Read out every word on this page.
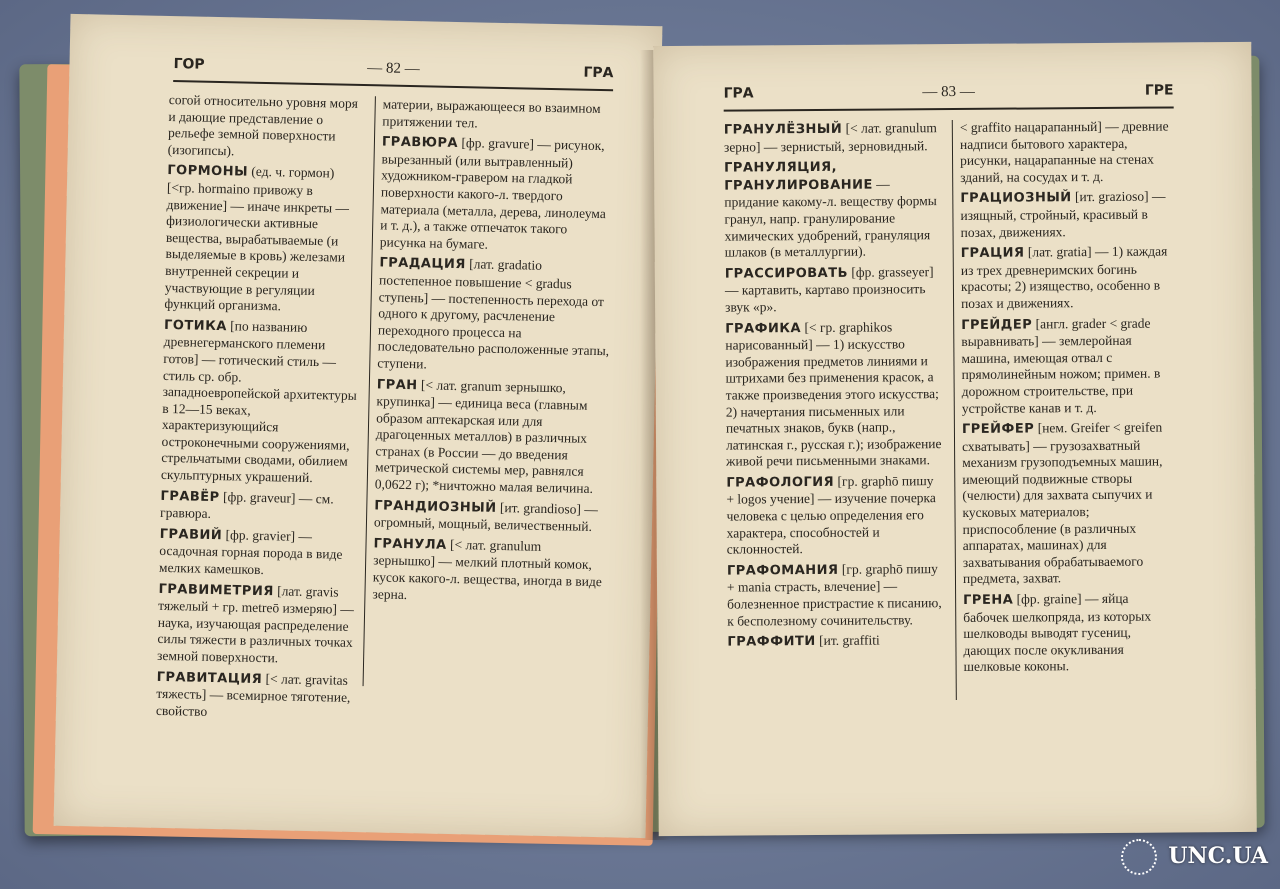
ГОР	— 82 —	ГРА

согой относительно уровня моря и дающие представление о рельефе земной поверхности (изогипсы).

ГОРМОНЫ (ед. ч. гормон) [<гр. hormaino привожу в движение] — иначе инкреты — физиологически активные вещества, вырабатываемые (и выделяемые в кровь) железами внутренней секреции и участвующие в регуляции функций организма.

ГОТИКА [по названию древнегерманского племени готов] — готический стиль — стиль ср. обр. западноевропейской архитектуры в 12—15 веках, характеризующийся остроконечными сооружениями, стрельчатыми сводами, обилием скульптурных украшений.

ГРАВЁР [фр. graveur] — см. гравюра.

ГРАВИЙ [фр. gravier] — осадочная горная порода в виде мелких камешков.

ГРАВИМЕТРИЯ [лат. gravis тяжелый + гр. metreō измеряю] — наука, изучающая распределение силы тяжести в различных точках земной поверхности.

ГРАВИТАЦИЯ [< лат. gravitas тяжесть] — всемирное тяготение, свойство

материи, выражающееся во взаимном притяжении тел.

ГРАВЮРА [фр. gravure] — рисунок, вырезанный (или вытравленный) художником-гравером на гладкой поверхности какого-л. твердого материала (металла, дерева, линолеума и т. д.), а также отпечаток такого рисунка на бумаге.

ГРАДАЦИЯ [лат. gradatio постепенное повышение < gradus ступень] — постепенность перехода от одного к другому, расчленение переходного процесса на последовательно расположенные этапы, ступени.

ГРАН [< лат. granum зернышко, крупинка] — единица веса (главным образом аптекарская или для драгоценных металлов) в различных странах (в России — до введения метрической системы мер, равнялся 0,0622 г); *ничтожно малая величина.

ГРАНДИОЗНЫЙ [ит. grandioso] — огромный, мощный, величественный.

ГРАНУЛА [< лат. granulum зернышко] — мелкий плотный комок, кусок какого-л. вещества, иногда в виде зерна.

ГРА	— 83 —	ГРЕ

ГРАНУЛЁЗНЫЙ [< лат. granulum зерно] — зернистый, зерновидный.

ГРАНУЛЯЦИЯ, ГРАНУЛИРОВАНИЕ — придание какому-л. веществу формы гранул, напр. гранулирование химических удобрений, грануляция шлаков (в металлургии).

ГРАССИРОВАТЬ [фр. grasseyer] — картавить, картаво произносить звук «р».

ГРАФИКА [< гр. graphikos нарисованный] — 1) искусство изображения предметов линиями и штрихами без применения красок, а также произведения этого искусства; 2) начертания письменных или печатных знаков, букв (напр., латинская г., русская г.); изображение живой речи письменными знаками.

ГРАФОЛОГИЯ [гр. graphō пишу + logos учение] — изучение почерка человека с целью определения его характера, способностей и склонностей.

ГРАФОМАНИЯ [гр. graphō пишу + mania страсть, влечение] — болезненное пристрастие к писанию, к бесполезному сочинительству.

ГРАФФИТИ [ит. graffiti

< graffito нацарапанный] — древние надписи бытового характера, рисунки, нацарапанные на стенах зданий, на сосудах и т. д.

ГРАЦИОЗНЫЙ [ит. grazioso] — изящный, стройный, красивый в позах, движениях.

ГРАЦИЯ [лат. gratia] — 1) каждая из трех древнеримских богинь красоты; 2) изящество, особенно в позах и движениях.

ГРЕЙДЕР [англ. grader < grade выравнивать] — землеройная машина, имеющая отвал с прямолинейным ножом; примен. в дорожном строительстве, при устройстве канав и т. д.

ГРЕЙФЕР [нем. Greifer < greifen схватывать] — грузозахватный механизм грузоподъемных машин, имеющий подвижные створы (челюсти) для захвата сыпучих и кусковых материалов; приспособление (в различных аппаратах, машинах) для захватывания обрабатываемого предмета, захват.

ГРЕНА [фр. graine] — яйца бабочек шелкопряда, из которых шелководы выводят гусениц, дающих после окукливания шелковые коконы.

UNC.UA
